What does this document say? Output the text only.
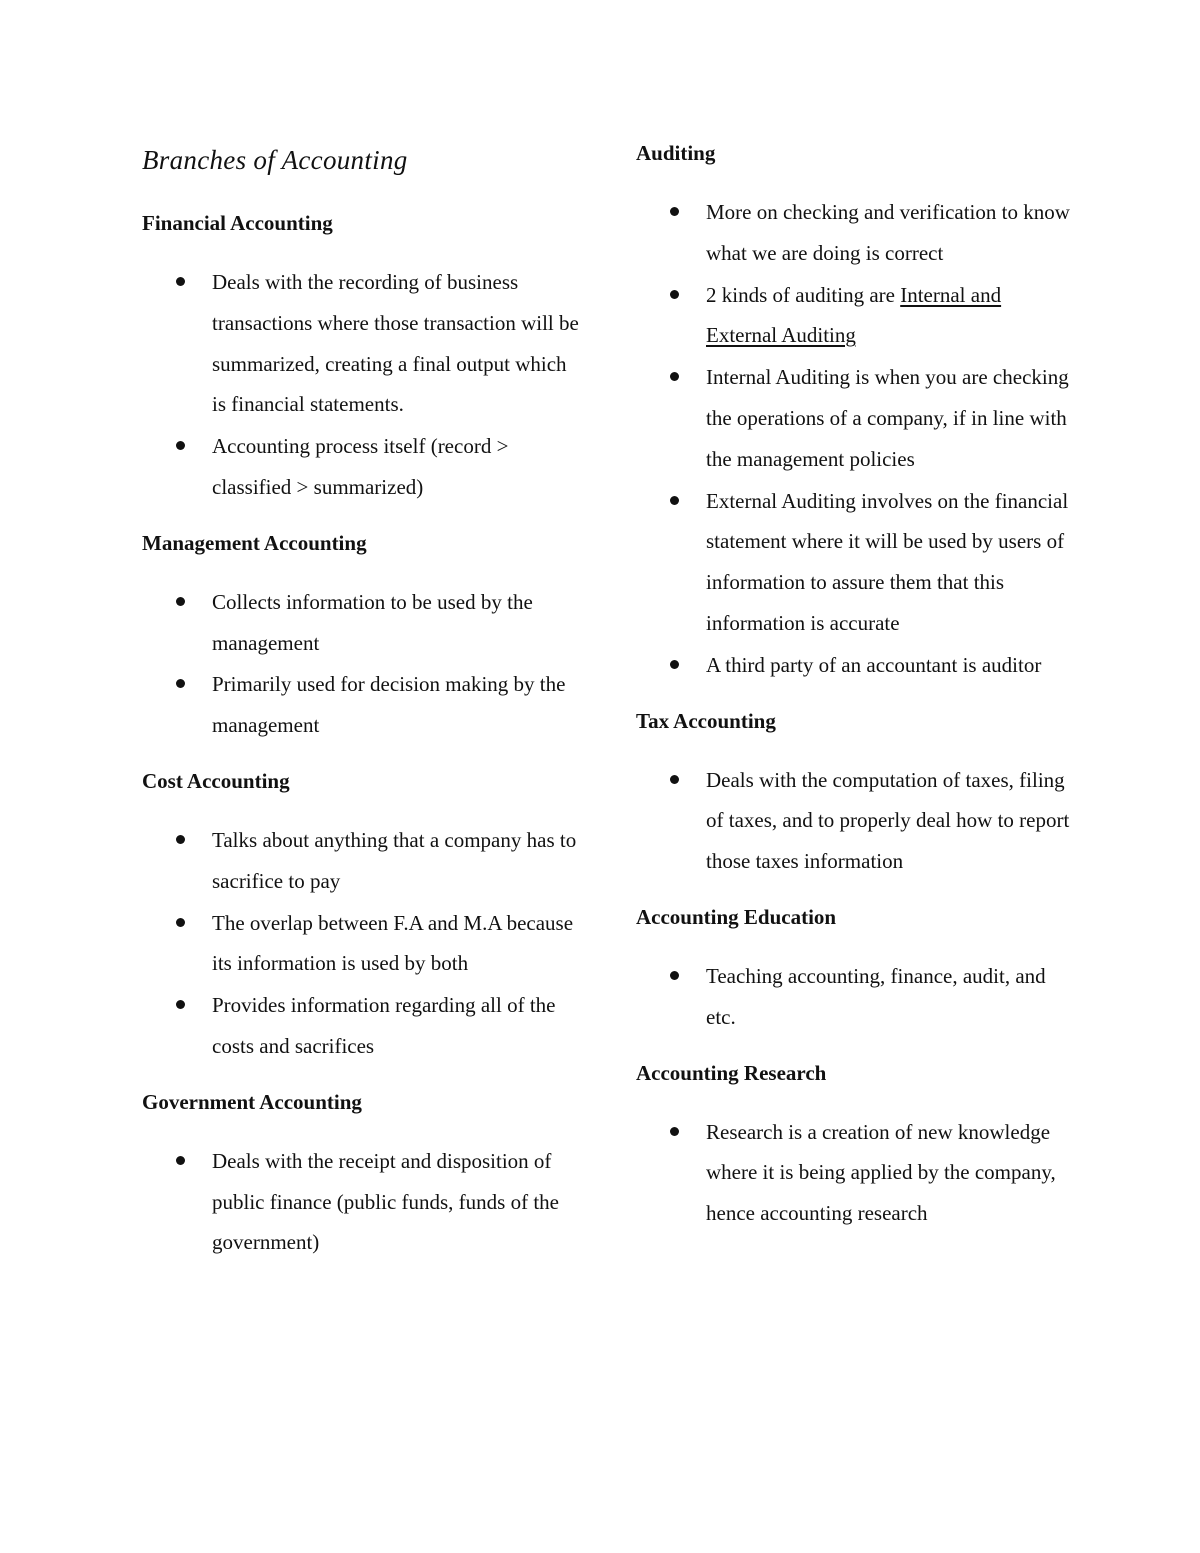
Branches of Accounting
Financial Accounting
Deals with the recording of business transactions where those transaction will be summarized, creating a final output which is financial statements.
Accounting process itself (record > classified > summarized)
Management Accounting
Collects information to be used by the management
Primarily used for decision making by the management
Cost Accounting
Talks about anything that a company has to sacrifice to pay
The overlap between F.A and M.A because its information is used by both
Provides information regarding all of the costs and sacrifices
Government Accounting
Deals with the receipt and disposition of public finance (public funds, funds of the government)
Auditing
More on checking and verification to know what we are doing is correct
2 kinds of auditing are Internal and External Auditing
Internal Auditing is when you are checking the operations of a company, if in line with the management policies
External Auditing involves on the financial statement where it will be used by users of information to assure them that this information is accurate
A third party of an accountant is auditor
Tax Accounting
Deals with the computation of taxes, filing of taxes, and to properly deal how to report those taxes information
Accounting Education
Teaching accounting, finance, audit, and etc.
Accounting Research
Research is a creation of new knowledge where it is being applied by the company, hence accounting research
